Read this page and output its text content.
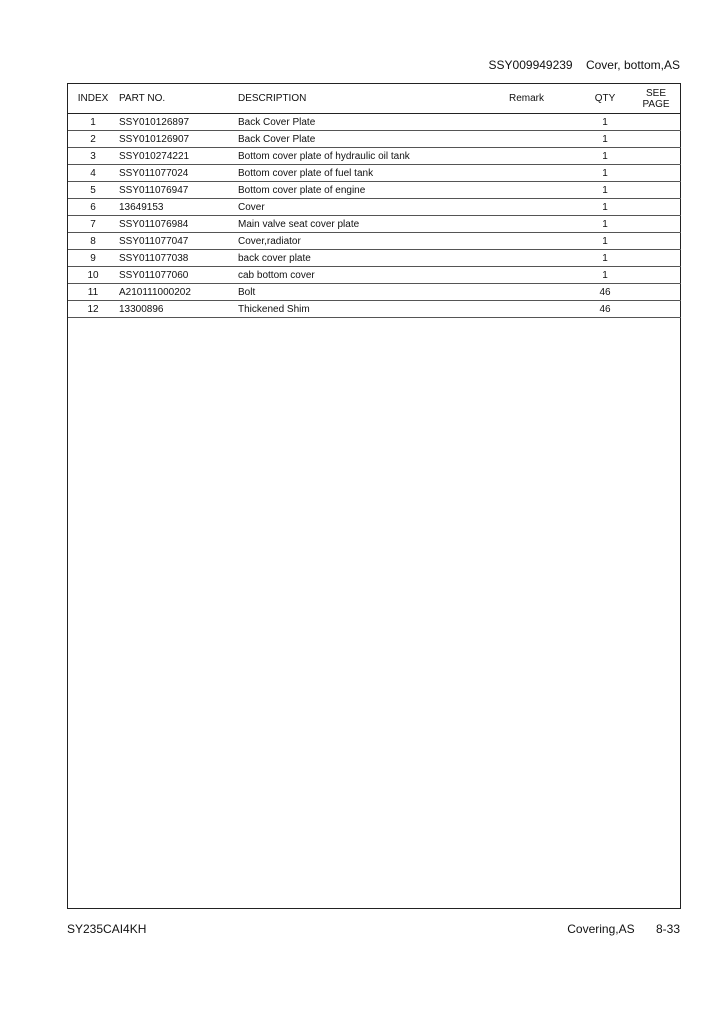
SSY009949239 Cover, bottom,AS
INDEX	PART NO.	DESCRIPTION	Remark	QTY	SEE
PAGE

1	SSY010126897	Back Cover Plate		1	
2	SSY010126907	Back Cover Plate		1	
3	SSY010274221	Bottom cover plate of hydraulic oil tank		1	
4	SSY011077024	Bottom cover plate of fuel tank		1	
5	SSY011076947	Bottom cover plate of engine		1	
6	13649153	Cover		1	
7	SSY011076984	Main valve seat cover plate		1	
8	SSY011077047	Cover,radiator		1	
9	SSY011077038	back cover plate		1	
10	SSY011077060	cab bottom cover		1	
11	A210111000202	Bolt		46	
12	13300896	Thickened Shim		46	
SY235CAI4KH	Covering,AS 8-33
